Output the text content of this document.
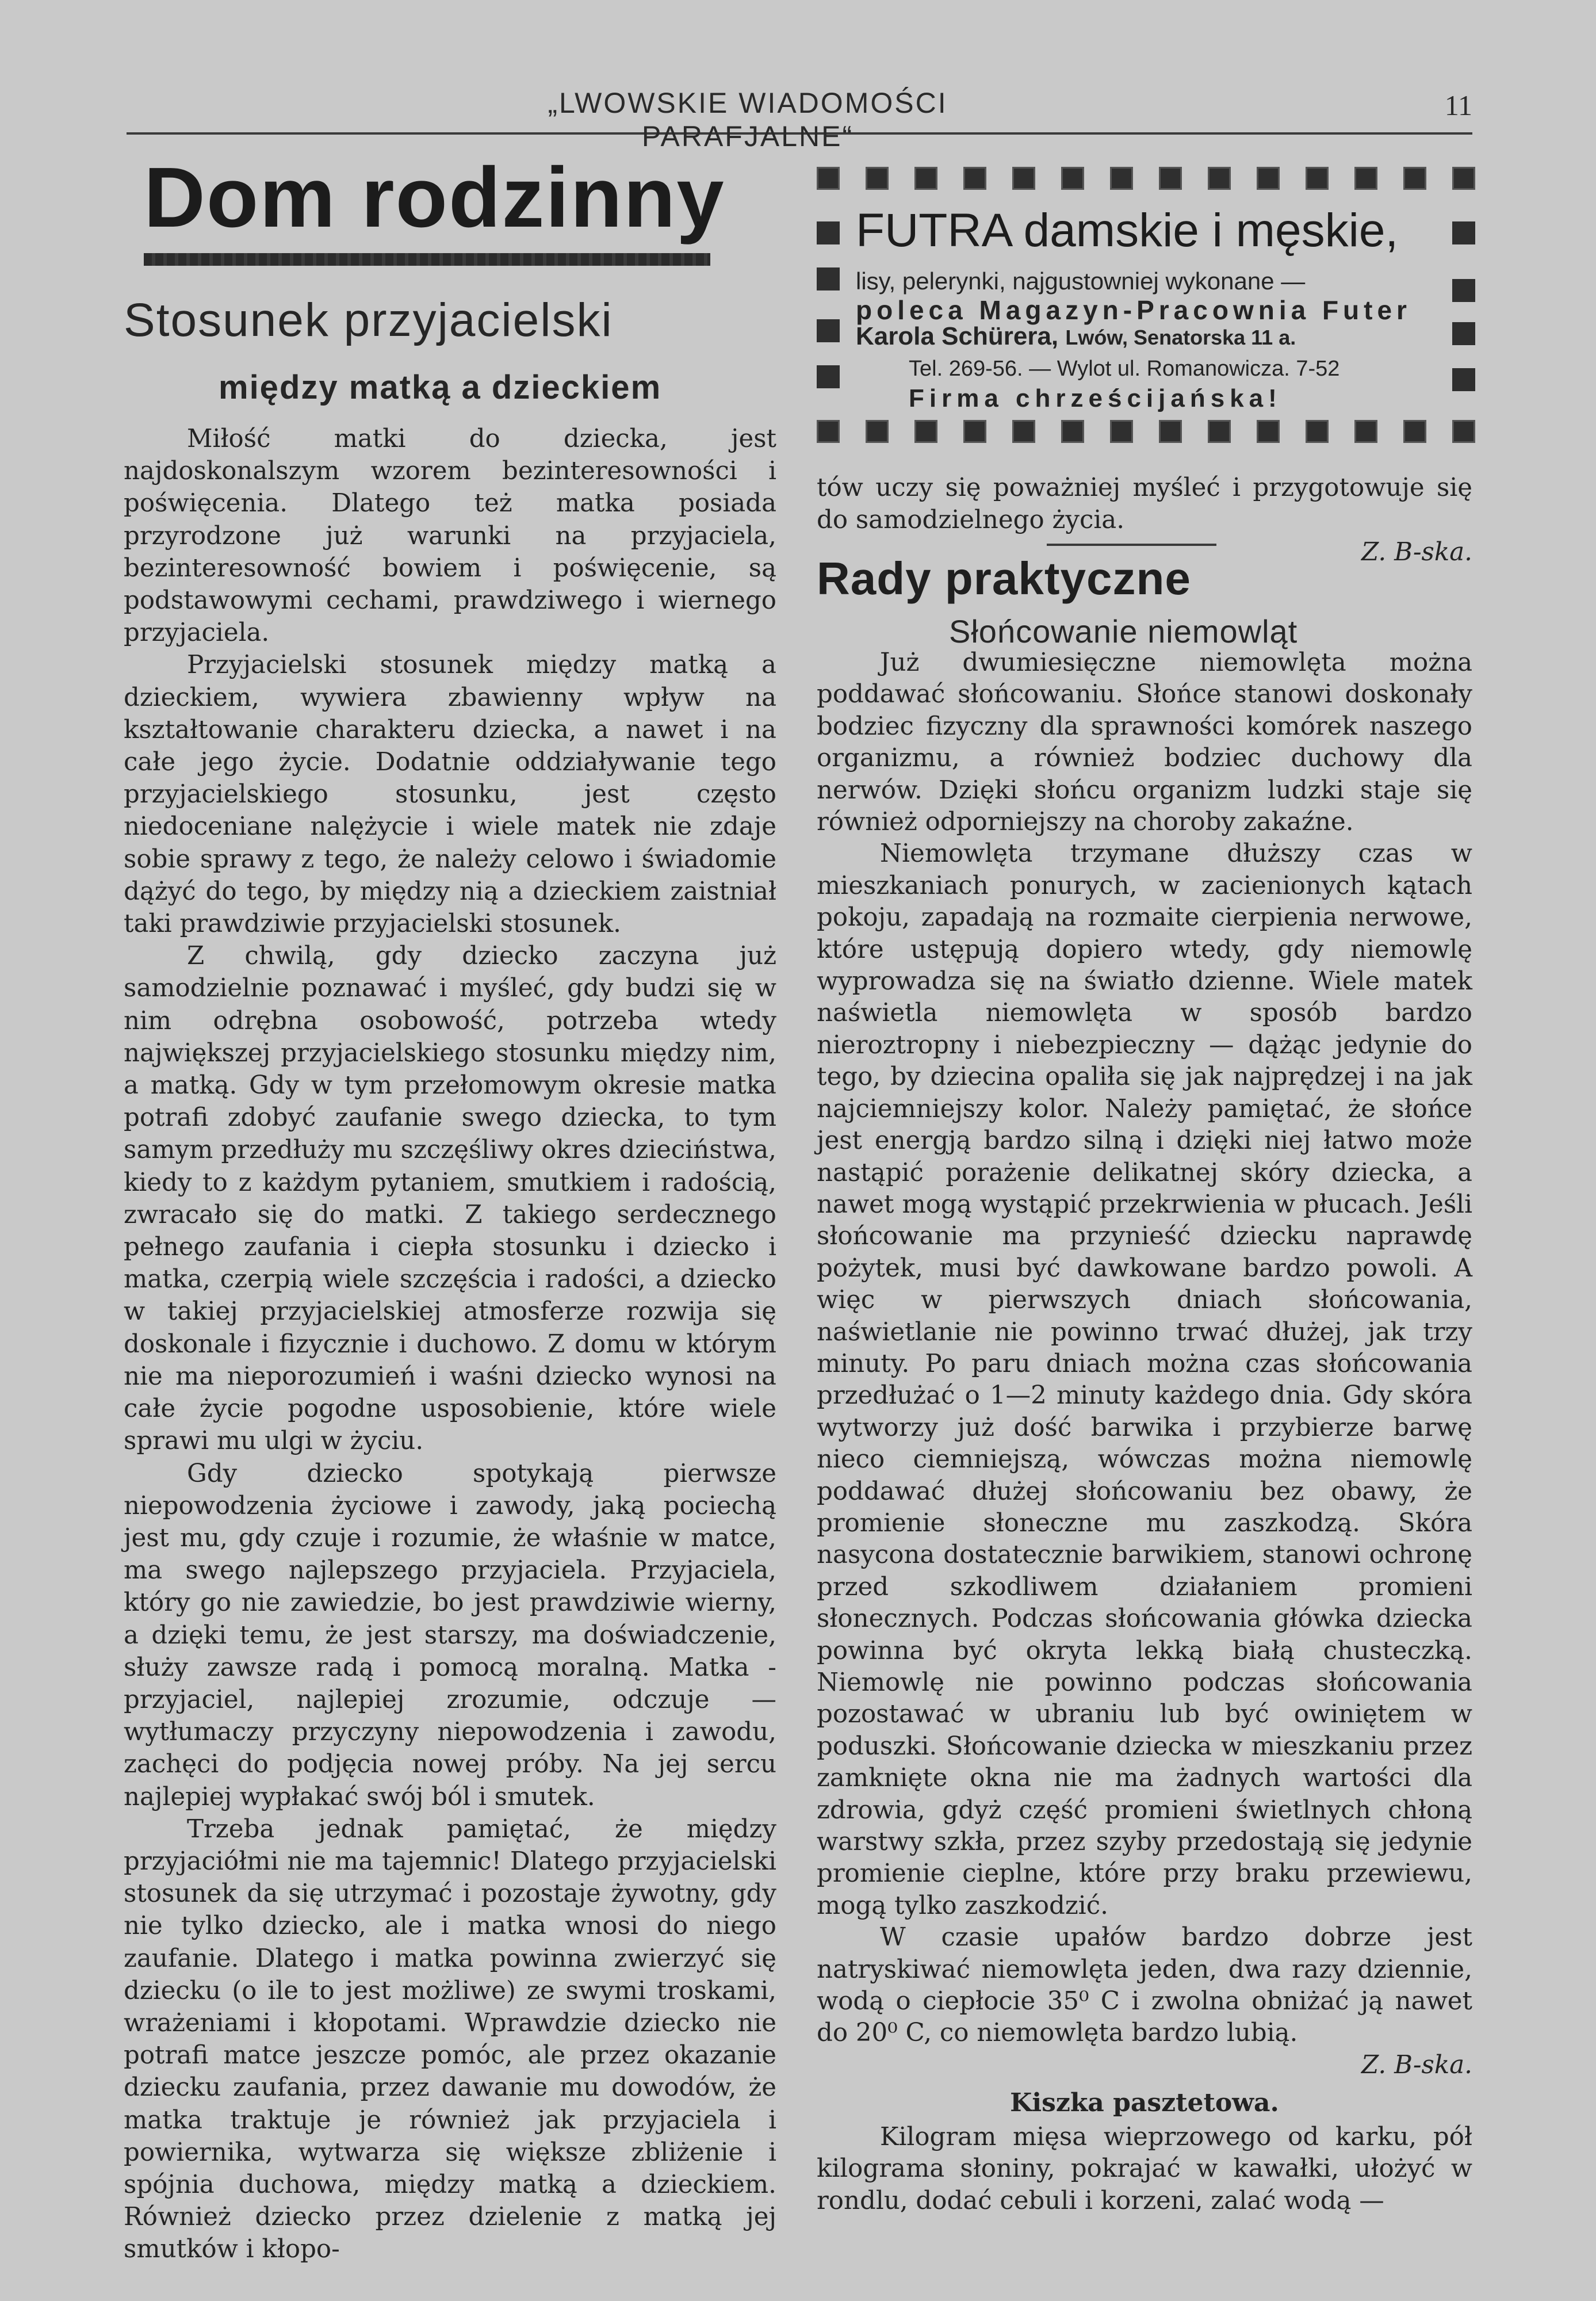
„LWOWSKIE WIADOMOŚCI PARAFJALNE“
11
Dom rodzinny
Stosunek przyjacielski
między matką a dzieckiem

Miłość matki do dziecka, jest najdoskonalszym wzorem bezinteresowności i poświęcenia. Dlatego też matka posiada przyrodzone już warunki na przyjaciela, bezinteresowność bowiem i poświęcenie, są podstawowymi cechami, prawdziwego i wiernego przyjaciela.

Przyjacielski stosunek między matką a dzieckiem, wywiera zbawienny wpływ na kształtowanie charakteru dziecka, a nawet i na całe jego życie. Dodatnie oddziaływanie tego przyjacielskiego stosunku, jest często niedoceniane nalężycie i wiele matek nie zdaje sobie sprawy z tego, że należy celowo i świadomie dążyć do tego, by między nią a dzieckiem zaistniał taki prawdziwie przyjacielski stosunek.

Z chwilą, gdy dziecko zaczyna już samodzielnie poznawać i myśleć, gdy budzi się w nim odrębna osobowość, potrzeba wtedy największej przyjacielskiego stosunku między nim, a matką. Gdy w tym przełomowym okresie matka potrafi zdobyć zaufanie swego dziecka, to tym samym przedłuży mu szczęśliwy okres dzieciństwa, kiedy to z każdym pytaniem, smutkiem i radością, zwracało się do matki. Z takiego serdecznego pełnego zaufania i ciepła stosunku i dziecko i matka, czerpią wiele szczęścia i radości, a dziecko w takiej przyjacielskiej atmosferze rozwija się doskonale i fizycznie i duchowo. Z domu w którym nie ma nieporozumień i waśni dziecko wynosi na całe życie pogodne usposobienie, które wiele sprawi mu ulgi w życiu.

Gdy dziecko spotykają pierwsze niepowodzenia życiowe i zawody, jaką pociechą jest mu, gdy czuje i rozumie, że właśnie w matce, ma swego najlepszego przyjaciela. Przyjaciela, który go nie zawiedzie, bo jest prawdziwie wierny, a dzięki temu, że jest starszy, ma doświadczenie, służy zawsze radą i pomocą moralną. Matka - przyjaciel, najlepiej zrozumie, odczuje — wytłumaczy przyczyny niepowodzenia i zawodu, zachęci do podjęcia nowej próby. Na jej sercu najlepiej wypłakać swój ból i smutek.

Trzeba jednak pamiętać, że między przyjaciółmi nie ma tajemnic! Dlatego przyjacielski stosunek da się utrzymać i pozostaje żywotny, gdy nie tylko dziecko, ale i matka wnosi do niego zaufanie. Dlatego i matka powinna zwierzyć się dziecku (o ile to jest możliwe) ze swymi troskami, wrażeniami i kłopotami. Wprawdzie dziecko nie potrafi matce jeszcze pomóc, ale przez okazanie dziecku zaufania, przez dawanie mu dowodów, że matka traktuje je również jak przyjaciela i powiernika, wytwarza się większe zbliżenie i spójnia duchowa, między matką a dzieckiem. Również dziecko przez dzielenie z matką jej smutków i kłopo-

FUTRA damskie i męskie,
lisy, pelerynki, najgustowniej wykonane —
poleca Magazyn-Pracownia Futer
Karola Schürera, Lwów, Senatorska 11 a.
Tel. 269-56. — Wylot ul. Romanowicza. 7-52
Firma chrześcijańska!

tów uczy się poważniej myśleć i przygotowuje się do samodzielnego życia.

Z. B-ska.
Rady praktyczne
Słońcowanie niemowląt

Już dwumiesięczne niemowlęta można poddawać słońcowaniu. Słońce stanowi doskonały bodziec fizyczny dla sprawności komórek naszego organizmu, a również bodziec duchowy dla nerwów. Dzięki słońcu organizm ludzki staje się również odporniejszy na choroby zakaźne.

Niemowlęta trzymane dłuższy czas w mieszkaniach ponurych, w zacienionych kątach pokoju, zapadają na rozmaite cierpienia nerwowe, które ustępują dopiero wtedy, gdy niemowlę wyprowadza się na światło dzienne. Wiele matek naświetla niemowlęta w sposób bardzo nieroztropny i niebezpieczny — dążąc jedynie do tego, by dziecina opaliła się jak najprędzej i na jak najciemniejszy kolor. Należy pamiętać, że słońce jest energją bardzo silną i dzięki niej łatwo może nastąpić porażenie delikatnej skóry dziecka, a nawet mogą wystąpić przekrwienia w płucach. Jeśli słońcowanie ma przynieść dziecku naprawdę pożytek, musi być dawkowane bardzo powoli. A więc w pierwszych dniach słońcowania, naświetlanie nie powinno trwać dłużej, jak trzy minuty. Po paru dniach można czas słońcowania przedłużać o 1—2 minuty każdego dnia. Gdy skóra wytworzy już dość barwika i przybierze barwę nieco ciemniejszą, wówczas można niemowlę poddawać dłużej słońcowaniu bez obawy, że promienie słoneczne mu zaszkodzą. Skóra nasycona dostatecznie barwikiem, stanowi ochronę przed szkodliwem działaniem promieni słonecznych. Podczas słońcowania główka dziecka powinna być okryta lekką białą chusteczką. Niemowlę nie powinno podczas słońcowania pozostawać w ubraniu lub być owiniętem w poduszki. Słońcowanie dziecka w mieszkaniu przez zamknięte okna nie ma żadnych wartości dla zdrowia, gdyż część promieni świetlnych chłoną warstwy szkła, przez szyby przedostają się jedynie promienie cieplne, które przy braku przewiewu, mogą tylko zaszkodzić.

W czasie upałów bardzo dobrze jest natryskiwać niemowlęta jeden, dwa razy dziennie, wodą o ciepłocie 35⁰ C i zwolna obniżać ją nawet do 20⁰ C, co niemowlęta bardzo lubią.

Z. B-ska.

Kiszka pasztetowa.

Kilogram mięsa wieprzowego od karku, pół kilograma słoniny, pokrajać w kawałki, ułożyć w rondlu, dodać cebuli i korzeni, zalać wodą —
